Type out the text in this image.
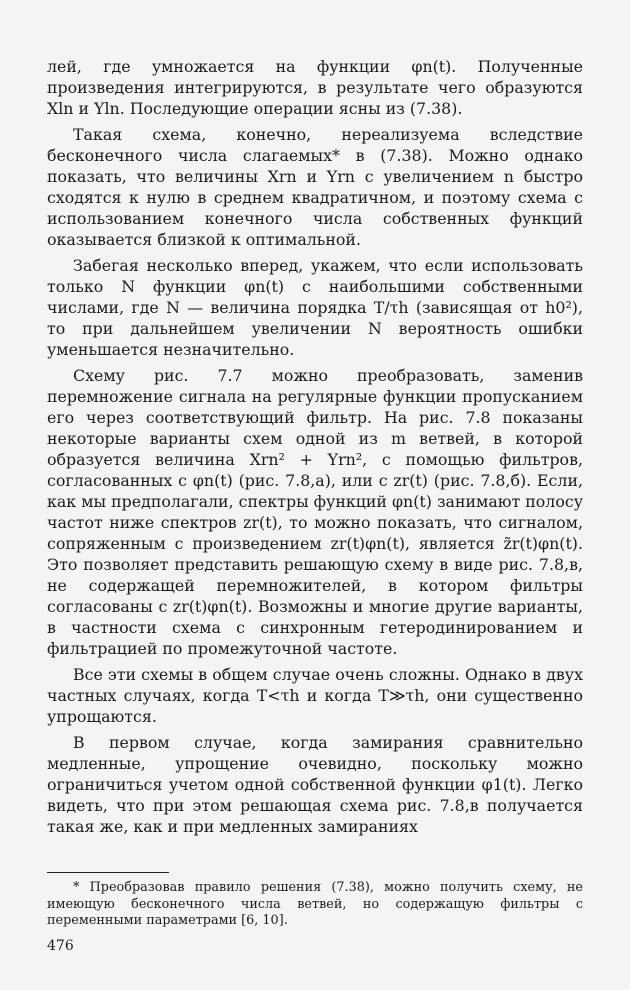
лей, где умножается на функции φn(t). Полученные произведения интегрируются, в результате чего образуются Xln и Yln. Последующие операции ясны из (7.38).

Такая схема, конечно, нереализуема вследствие бесконечного числа слагаемых* в (7.38). Можно однако показать, что величины Xrn и Yrn с увеличением n быстро сходятся к нулю в среднем квадратичном, и поэтому схема с использованием конечного числа собственных функций оказывается близкой к оптимальной.

Забегая несколько вперед, укажем, что если использовать только N функции φn(t) с наибольшими собственными числами, где N — величина порядка T/τh (зависящая от h0²), то при дальнейшем увеличении N вероятность ошибки уменьшается незначительно.

Схему рис. 7.7 можно преобразовать, заменив перемножение сигнала на регулярные функции пропусканием его через соответствующий фильтр. На рис. 7.8 показаны некоторые варианты схем одной из m ветвей, в которой образуется величина Xrn² + Yrn², с помощью фильтров, согласованных с φn(t) (рис. 7.8,а), или с zr(t) (рис. 7.8,б). Если, как мы предполагали, спектры функций φn(t) занимают полосу частот ниже спектров zr(t), то можно показать, что сигналом, сопряженным с произведением zr(t)φn(t), является z̃r(t)φn(t). Это позволяет представить решающую схему в виде рис. 7.8,в, не содержащей перемножителей, в котором фильтры согласованы с zr(t)φn(t). Возможны и многие другие варианты, в частности схема с синхронным гетеродинированием и фильтрацией по промежуточной частоте.

Все эти схемы в общем случае очень сложны. Однако в двух частных случаях, когда T<τh и когда T≫τh, они существенно упрощаются.

В первом случае, когда замирания сравнительно медленные, упрощение очевидно, поскольку можно ограничиться учетом одной собственной функции φ1(t). Легко видеть, что при этом решающая схема рис. 7.8,в получается такая же, как и при медленных замираниях

* Преобразовав правило решения (7.38), можно получить схему, не имеющую бесконечного числа ветвей, но содержащую фильтры с переменными параметрами [6, 10].

476
